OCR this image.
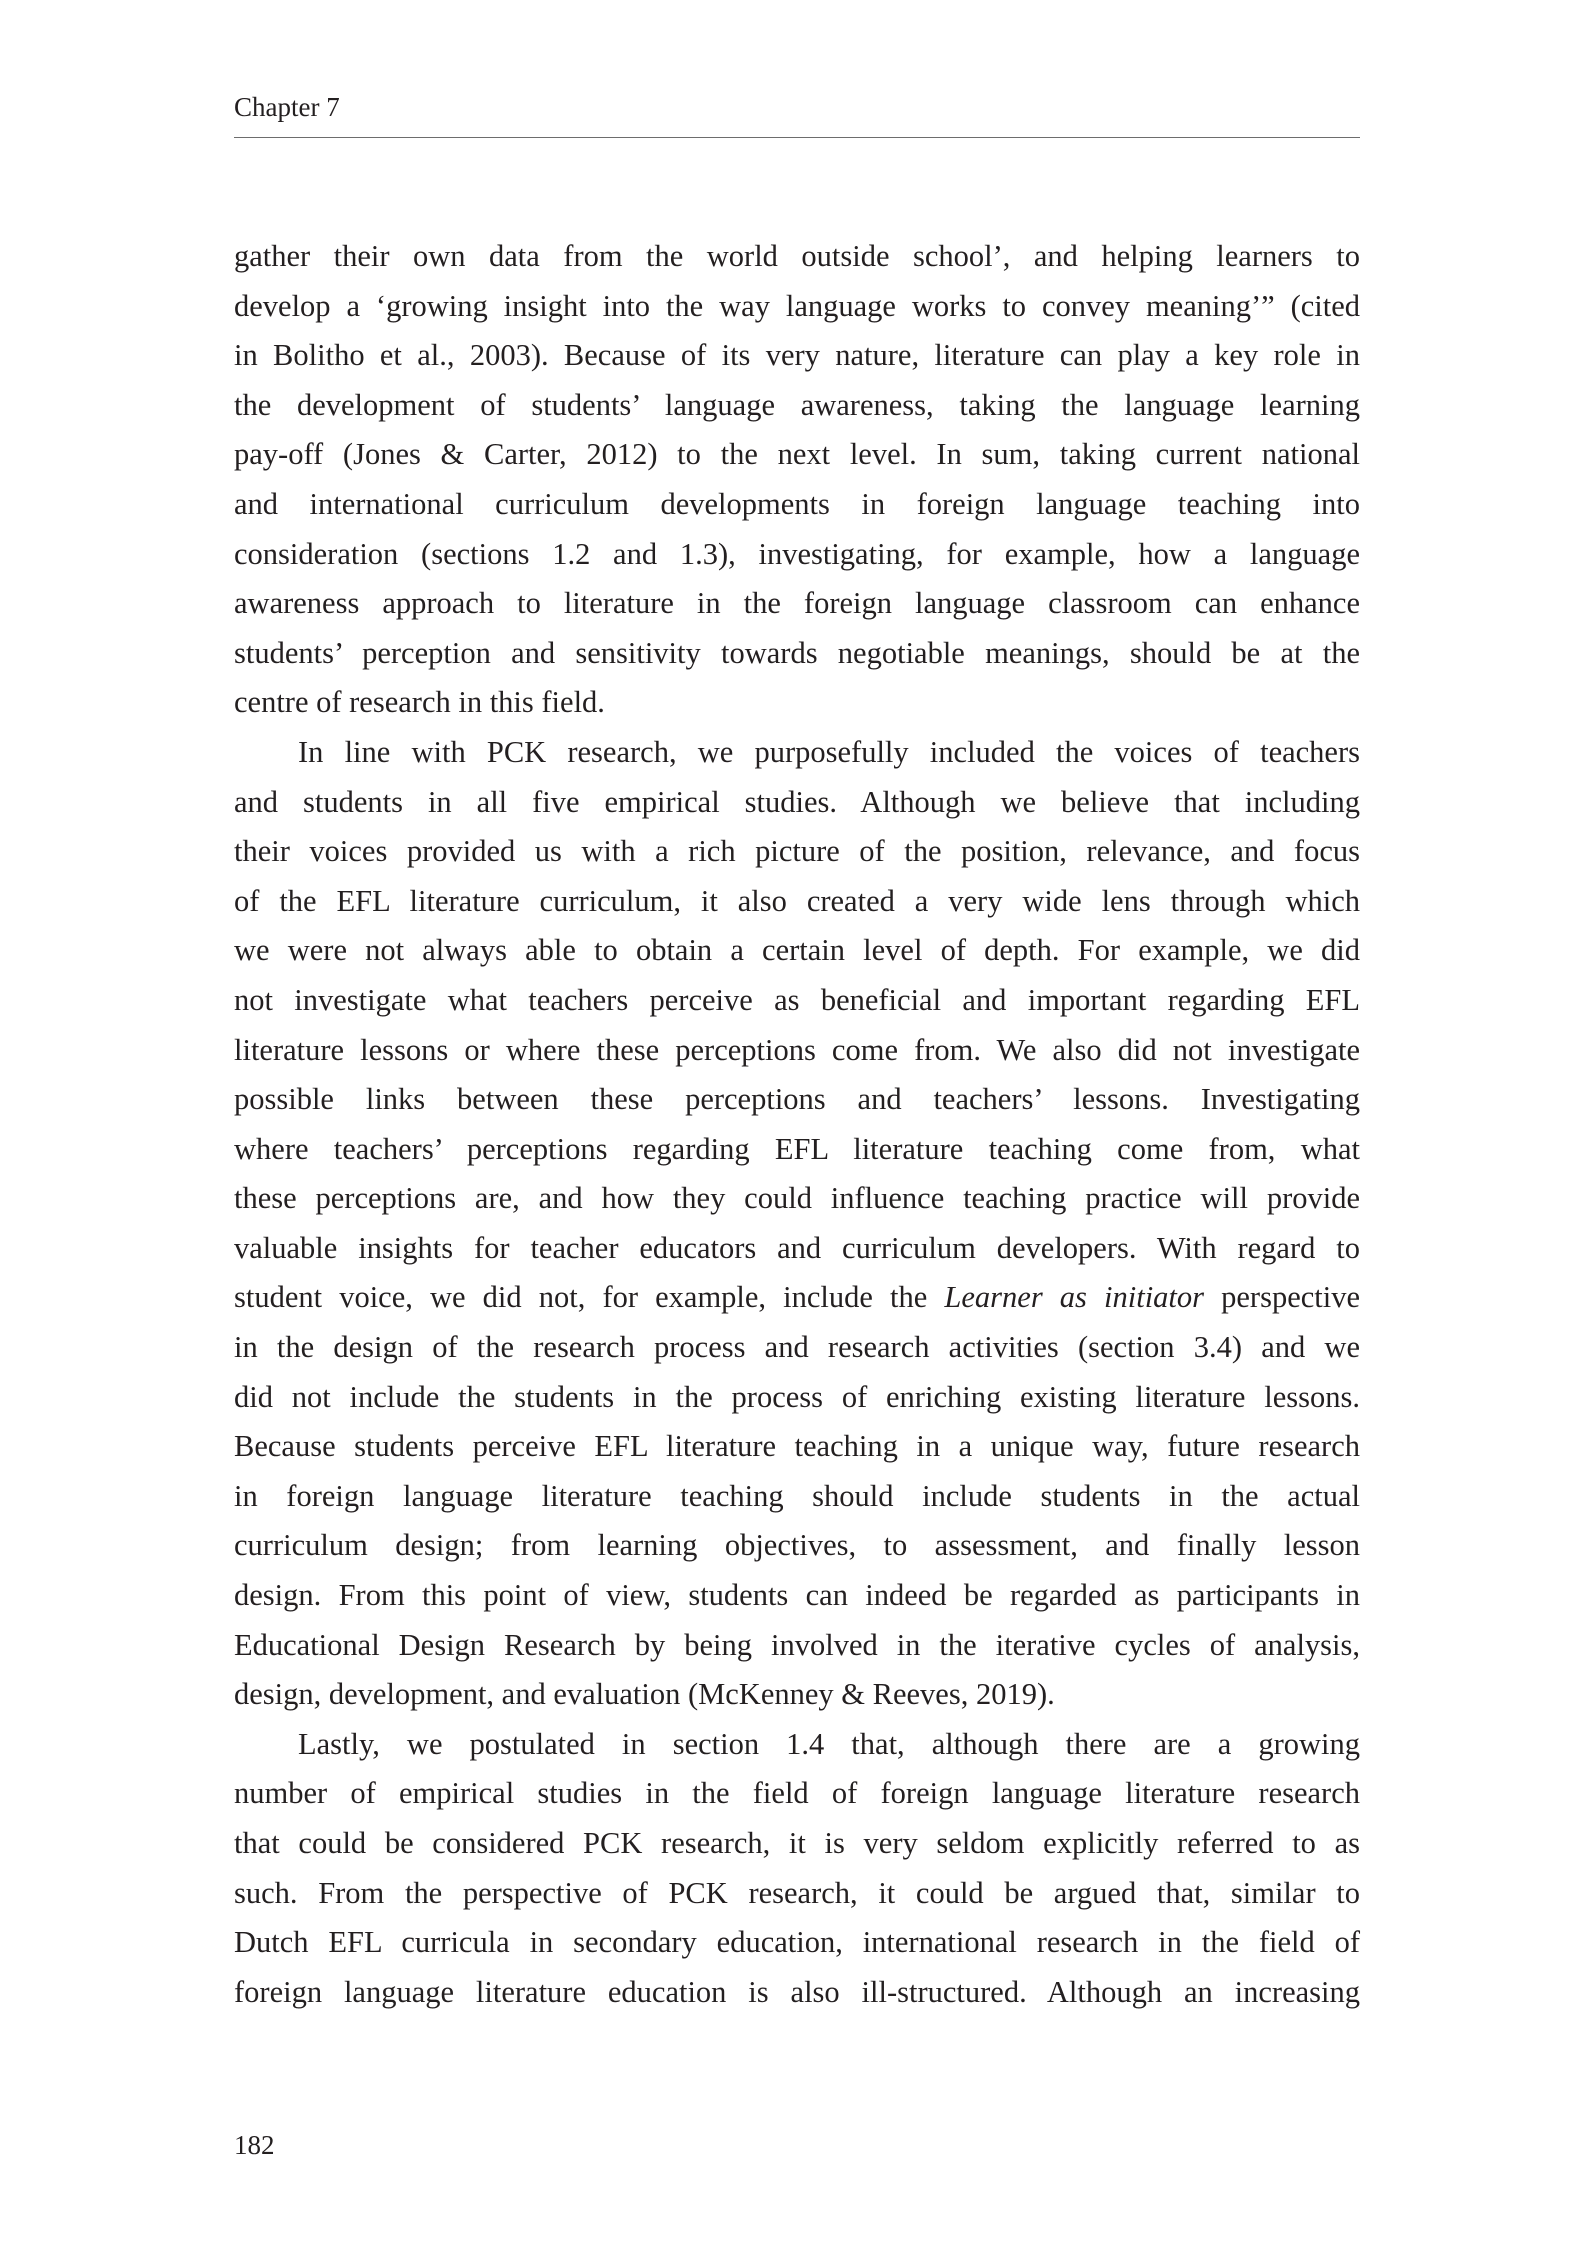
Chapter 7
gather their own data from the world outside school’, and helping learners to
develop a ‘growing insight into the way language works to convey meaning’” (cited
in Bolitho et al., 2003). Because of its very nature, literature can play a key role in
the development of students’ language awareness, taking the language learning
pay-off (Jones & Carter, 2012) to the next level. In sum, taking current national
and international curriculum developments in foreign language teaching into
consideration (sections 1.2 and 1.3), investigating, for example, how a language
awareness approach to literature in the foreign language classroom can enhance
students’ perception and sensitivity towards negotiable meanings, should be at the
centre of research in this field.
In line with PCK research, we purposefully included the voices of teachers
and students in all five empirical studies. Although we believe that including
their voices provided us with a rich picture of the position, relevance, and focus
of the EFL literature curriculum, it also created a very wide lens through which
we were not always able to obtain a certain level of depth. For example, we did
not investigate what teachers perceive as beneficial and important regarding EFL
literature lessons or where these perceptions come from. We also did not investigate
possible links between these perceptions and teachers’ lessons. Investigating
where teachers’ perceptions regarding EFL literature teaching come from, what
these perceptions are, and how they could influence teaching practice will provide
valuable insights for teacher educators and curriculum developers. With regard to
student voice, we did not, for example, include the Learner as initiator perspective
in the design of the research process and research activities (section 3.4) and we
did not include the students in the process of enriching existing literature lessons.
Because students perceive EFL literature teaching in a unique way, future research
in foreign language literature teaching should include students in the actual
curriculum design; from learning objectives, to assessment, and finally lesson
design. From this point of view, students can indeed be regarded as participants in
Educational Design Research by being involved in the iterative cycles of analysis,
design, development, and evaluation (McKenney & Reeves, 2019).
Lastly, we postulated in section 1.4 that, although there are a growing
number of empirical studies in the field of foreign language literature research
that could be considered PCK research, it is very seldom explicitly referred to as
such. From the perspective of PCK research, it could be argued that, similar to
Dutch EFL curricula in secondary education, international research in the field of
foreign language literature education is also ill-structured. Although an increasing
182
